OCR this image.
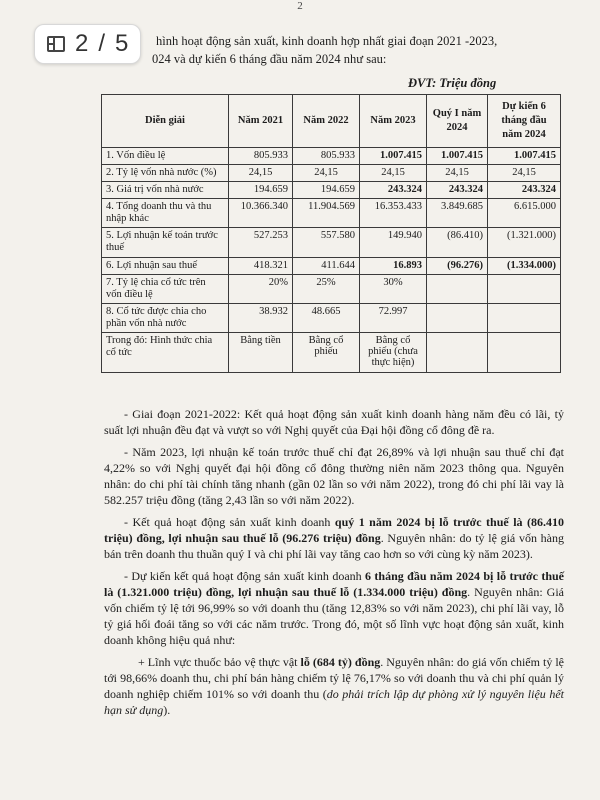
2
2 / 5 hình hoạt động sản xuất, kinh doanh hợp nhất giai đoạn 2021 -2023,
024 và dự kiến 6 tháng đầu năm 2024 như sau:
ĐVT: Triệu đồng
Diễn giải	Năm 2021	Năm 2022	Năm 2023	Quý I năm 2024	Dự kiến 6 tháng đầu năm 2024
1. Vốn điều lệ	805.933	805.933	1.007.415	1.007.415	1.007.415
2. Tỷ lệ vốn nhà nước (%)	24,15	24,15	24,15	24,15	24,15
3. Giá trị vốn nhà nước	194.659	194.659	243.324	243.324	243.324
4. Tổng doanh thu và thu nhập khác	10.366.340	11.904.569	16.353.433	3.849.685	6.615.000
5. Lợi nhuận kế toán trước thuế	527.253	557.580	149.940	(86.410)	(1.321.000)
6. Lợi nhuận sau thuế	418.321	411.644	16.893	(96.276)	(1.334.000)
7. Tỷ lệ chia cổ tức trên vốn điều lệ	20%	25%	30%		
8. Cổ tức được chia cho phần vốn nhà nước	38.932	48.665	72.997		
Trong đó: Hình thức chia cổ tức	Bằng tiền	Bằng cổ phiếu	Bằng cổ phiếu (chưa thực hiện)		

- Giai đoạn 2021-2022: Kết quả hoạt động sản xuất kinh doanh hàng năm đều có lãi, tỷ suất lợi nhuận đều đạt và vượt so với Nghị quyết của Đại hội đồng cổ đông đề ra.

- Năm 2023, lợi nhuận kế toán trước thuế chỉ đạt 26,89% và lợi nhuận sau thuế chỉ đạt 4,22% so với Nghị quyết đại hội đồng cổ đông thường niên năm 2023 thông qua. Nguyên nhân: do chi phí tài chính tăng nhanh (gần 02 lần so với năm 2022), trong đó chi phí lãi vay là 582.257 triệu đồng (tăng 2,43 lần so với năm 2022).

- Kết quả hoạt động sản xuất kinh doanh quý 1 năm 2024 bị lỗ trước thuế là (86.410 triệu) đồng, lợi nhuận sau thuế lỗ (96.276 triệu) đồng. Nguyên nhân: do tỷ lệ giá vốn hàng bán trên doanh thu thuần quý I và chi phí lãi vay tăng cao hơn so với cùng kỳ năm 2023).

- Dự kiến kết quả hoạt động sản xuất kinh doanh 6 tháng đầu năm 2024 bị lỗ trước thuế là (1.321.000 triệu) đồng, lợi nhuận sau thuế lỗ (1.334.000 triệu) đồng. Nguyên nhân: Giá vốn chiếm tỷ lệ tới 96,99% so với doanh thu (tăng 12,83% so với năm 2023), chi phí lãi vay, lỗ tỷ giá hối đoái tăng so với các năm trước. Trong đó, một số lĩnh vực hoạt động sản xuất, kinh doanh không hiệu quả như:

+ Lĩnh vực thuốc bảo vệ thực vật lỗ (684 tỷ) đồng. Nguyên nhân: do giá vốn chiếm tỷ lệ tới 98,66% doanh thu, chi phí bán hàng chiếm tỷ lệ 76,17% so với doanh thu và chi phí quản lý doanh nghiệp chiếm 101% so với doanh thu (do phải trích lập dự phòng xử lý nguyên liệu hết hạn sử dụng).
